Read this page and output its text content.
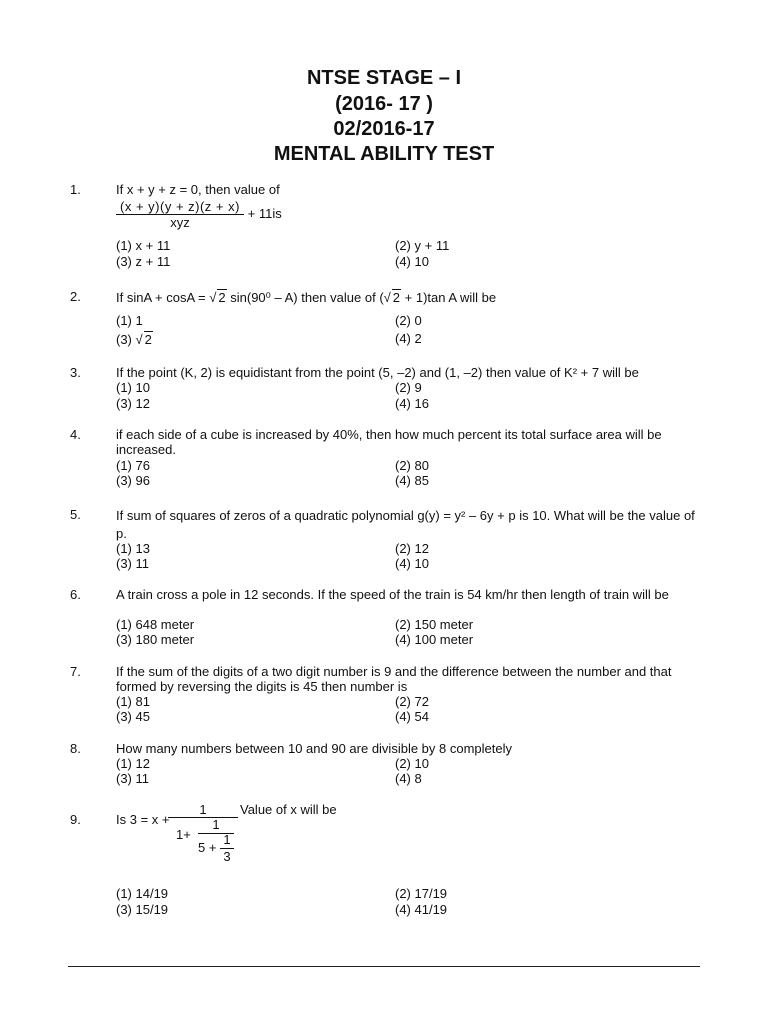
NTSE STAGE – I
(2016- 17 )
02/2016-17
MENTAL ABILITY TEST
1.	If x + y + z = 0, then value of
$\frac{(x + y)(y + z)(z + x)}{\text{xyz}} + 11is$
(1) x + 11	(2) y + 11
(3) z + 11	(4) 10
2.	If sinA + cosA = √ 2 sin(90⁰ – A) then value of (√ 2 + 1)tan A will be
(1) 1	(2) 0
(3) √ 2	(4) 2
3.	If the point (K, 2) is equidistant from the point (5, –2) and (1, –2) then value of K² + 7 will be
(1) 10	(2) 9
(3) 12	(4) 16
4.	if each side of a cube is increased by 40%, then how much percent its total surface area will be increased.
(1) 76	(2) 80
(3) 96	(4) 85
5.	If sum of squares of zeros of a quadratic polynomial g(y) = y² – 6y + p is 10. What will be the value of p.
(1) 13	(2) 12
(3) 11	(4) 10
6.	A train cross a pole in 12 seconds. If the speed of the train is 54 km/hr then length of train will be
(1) 648 meter	(2) 150 meter
(3) 180 meter	(4) 100 meter
7.	If the sum of the digits of a two digit number is 9 and the difference between the number and that formed by reversing the digits is 45 then number is
(1) 81	(2) 72
(3) 45	(4) 54
8.	How many numbers between 10 and 90 are divisible by 8 completely
(1) 12	(2) 10
(3) 11	(4) 8
9.	Is 3 = x +
Value of x will be
1
1+
1
5 +
1
3
(1) 14/19	(2) 17/19
(3) 15/19	(4) 41/19
